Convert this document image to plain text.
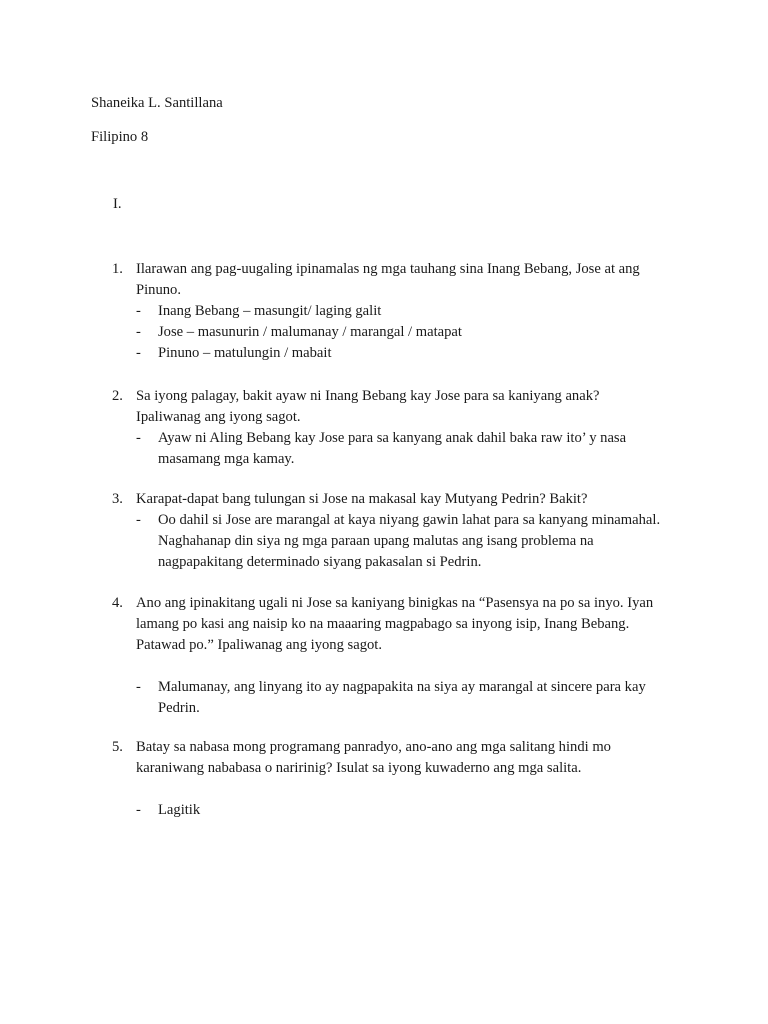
Shaneika L. Santillana
Filipino 8
I.
1. Ilarawan ang pag-uugaling ipinamalas ng mga tauhang sina Inang Bebang, Jose at ang
Pinuno.
-	Inang Bebang – masungit/ laging galit
-	Jose – masunurin / malumanay / marangal / matapat
-	Pinuno – matulungin / mabait
2. Sa iyong palagay, bakit ayaw ni Inang Bebang kay Jose para sa kaniyang anak?
Ipaliwanag ang iyong sagot.
-	Ayaw ni Aling Bebang kay Jose para sa kanyang anak dahil baka raw ito’ y nasa
masamang mga kamay.
3. Karapat-dapat bang tulungan si Jose na makasal kay Mutyang Pedrin? Bakit?
-	Oo dahil si Jose are marangal at kaya niyang gawin lahat para sa kanyang minamahal.
Naghahanap din siya ng mga paraan upang malutas ang isang problema na
nagpapakitang determinado siyang pakasalan si Pedrin.
4. Ano ang ipinakitang ugali ni Jose sa kaniyang binigkas na “Pasensya na po sa inyo. Iyan
lamang po kasi ang naisip ko na maaaring magpabago sa inyong isip, Inang Bebang.
Patawad po.” Ipaliwanag ang iyong sagot.
-	Malumanay, ang linyang ito ay nagpapakita na siya ay marangal at sincere para kay
Pedrin.
5. Batay sa nabasa mong programang panradyo, ano-ano ang mga salitang hindi mo
karaniwang nababasa o naririnig? Isulat sa iyong kuwaderno ang mga salita.
-	Lagitik
